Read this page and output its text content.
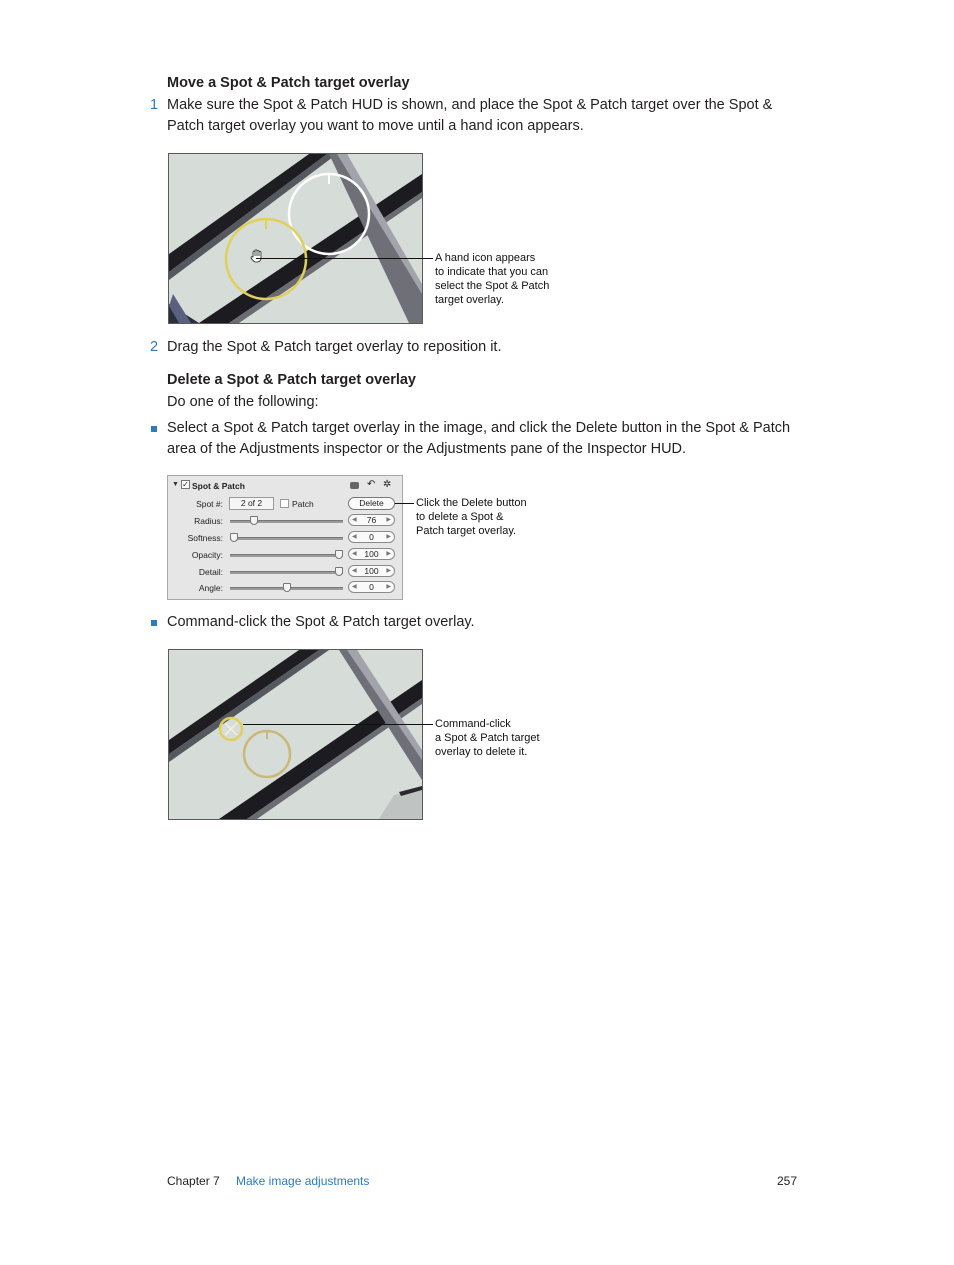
Move a Spot & Patch target overlay
1 Make sure the Spot & Patch HUD is shown, and place the Spot & Patch target over the Spot &
Patch target overlay you want to move until a hand icon appears.
A hand icon appears
to indicate that you can
select the Spot & Patch
target overlay.
2 Drag the Spot & Patch target overlay to reposition it.
Delete a Spot & Patch target overlay
Do one of the following:
Select a Spot & Patch target overlay in the image, and click the Delete button in the Spot & Patch
area of the Adjustments inspector or the Adjustments pane of the Inspector HUD.
▼ ✓ Spot & Patch	↶ ✲
Spot #:	2 of 2	Patch	Delete
Radius:	◀ 76 ▶
Softness:	◀ 0 ▶
Opacity:	◀ 100 ▶
Detail:	◀ 100 ▶
Angle:	◀ 0 ▶
Click the Delete button
to delete a Spot &
Patch target overlay.
Command-click the Spot & Patch target overlay.
Command-click
a Spot & Patch target
overlay to delete it.
Chapter 7 Make image adjustments	257
